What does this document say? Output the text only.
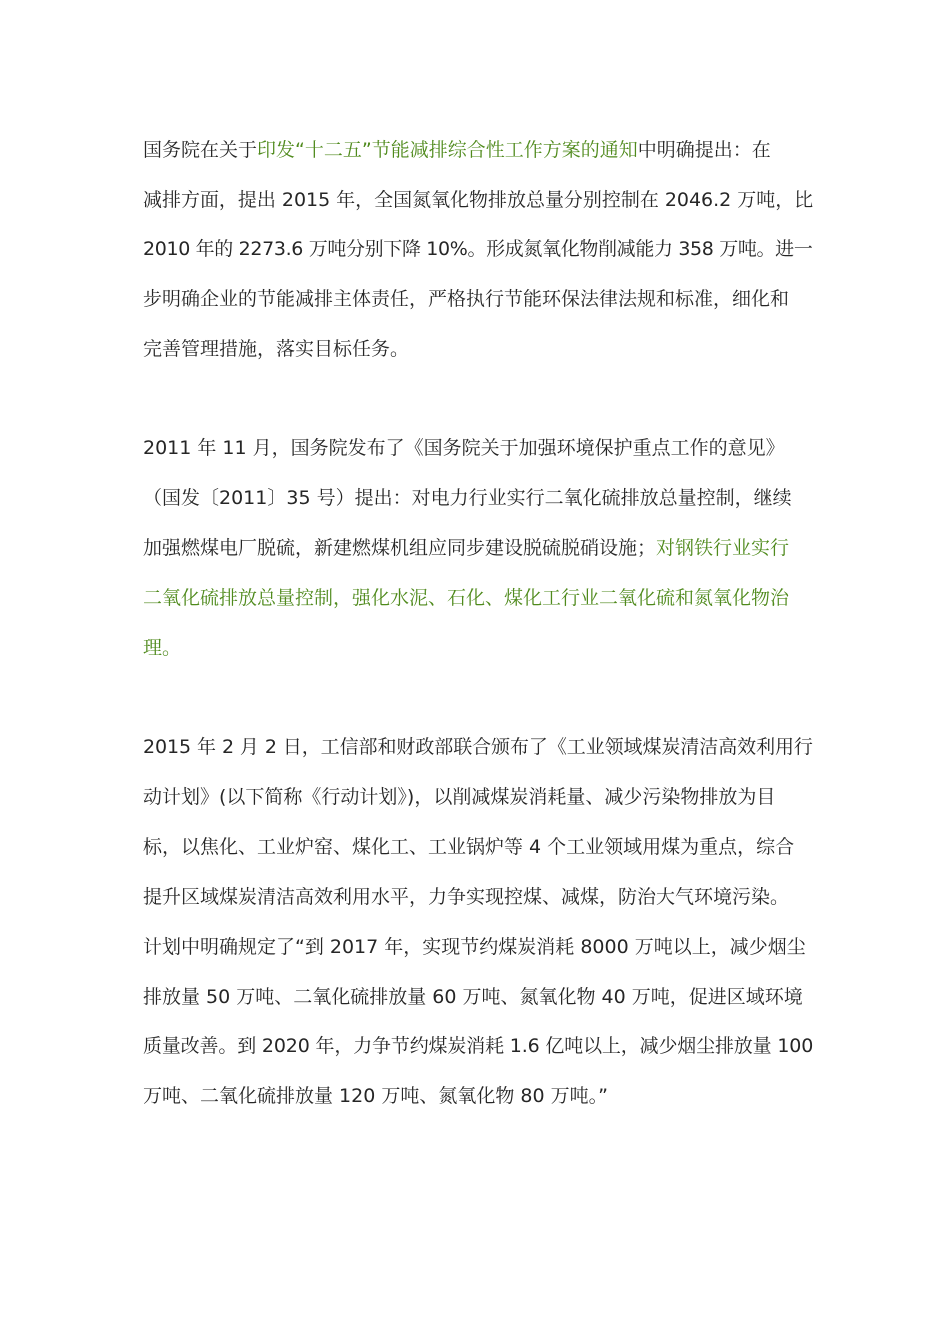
国务院在关于印发“十二五”节能减排综合性工作方案的通知中明确提出：在
减排方面，提出 2015 年，全国氮氧化物排放总量分别控制在 2046.2 万吨，比
2010 年的 2273.6 万吨分别下降 10%。形成氮氧化物削减能力 358 万吨。进一
步明确企业的节能减排主体责任，严格执行节能环保法律法规和标准，细化和
完善管理措施，落实目标任务。
2011 年 11 月，国务院发布了《国务院关于加强环境保护重点工作的意见》
（国发〔2011〕35 号）提出：对电力行业实行二氧化硫排放总量控制，继续
加强燃煤电厂脱硫，新建燃煤机组应同步建设脱硫脱硝设施；对钢铁行业实行
二氧化硫排放总量控制，强化水泥、石化、煤化工行业二氧化硫和氮氧化物治
理。
2015 年 2 月 2 日，工信部和财政部联合颁布了《工业领域煤炭清洁高效利用行
动计划》(以下简称《行动计划》)，以削减煤炭消耗量、减少污染物排放为目
标，以焦化、工业炉窑、煤化工、工业锅炉等 4 个工业领域用煤为重点，综合
提升区域煤炭清洁高效利用水平，力争实现控煤、减煤，防治大气环境污染。
计划中明确规定了“到 2017 年，实现节约煤炭消耗 8000 万吨以上，减少烟尘
排放量 50 万吨、二氧化硫排放量 60 万吨、氮氧化物 40 万吨，促进区域环境
质量改善。到 2020 年，力争节约煤炭消耗 1.6 亿吨以上，减少烟尘排放量 100
万吨、二氧化硫排放量 120 万吨、氮氧化物 80 万吨。”
